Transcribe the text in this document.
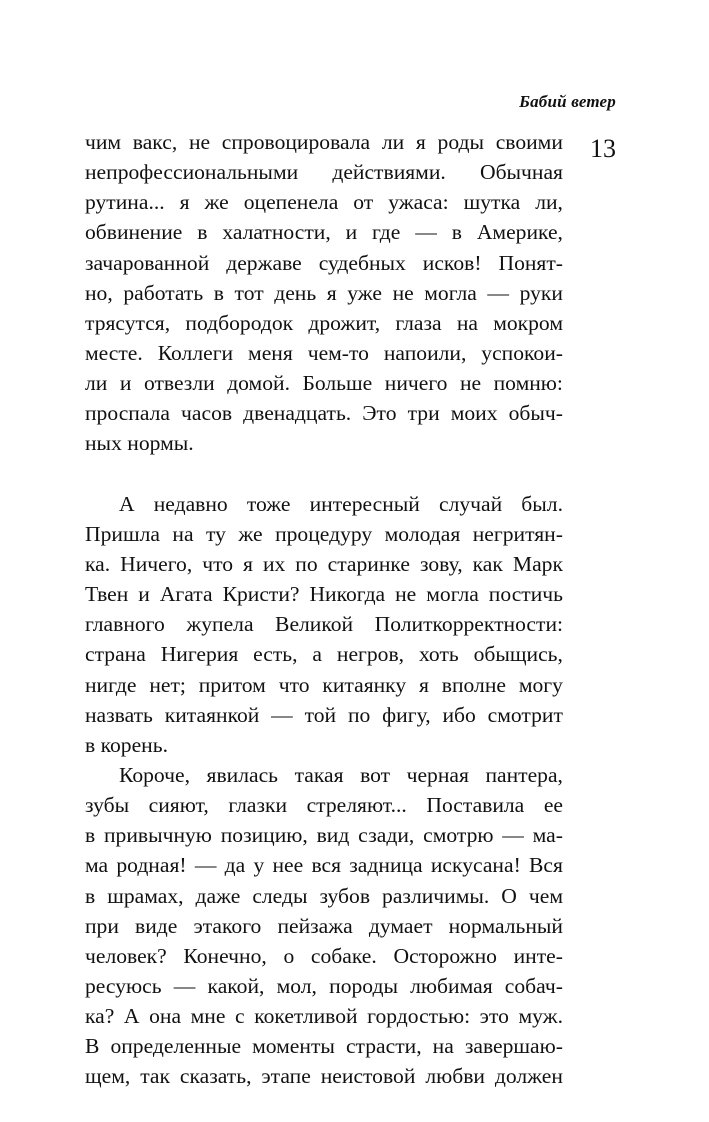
Бабий ветер
13
чим вакс, не спровоцировала ли я роды своими
непрофессиональными действиями. Обычная
рутина... я же оцепенела от ужаса: шутка ли,
обвинение в халатности, и где — в Америке,
зачарованной державе судебных исков! Понят-
но, работать в тот день я уже не могла — руки
трясутся, подбородок дрожит, глаза на мокром
месте. Коллеги меня чем-то напоили, успокои-
ли и отвезли домой. Больше ничего не помню:
проспала часов двенадцать. Это три моих обыч-
ных нормы.
А недавно тоже интересный случай был.
Пришла на ту же процедуру молодая негритян-
ка. Ничего, что я их по старинке зову, как Марк
Твен и Агата Кристи? Никогда не могла постичь
главного жупела Великой Политкорректности:
страна Нигерия есть, а негров, хоть обыщись,
нигде нет; притом что китаянку я вполне могу
назвать китаянкой — той по фигу, ибо смотрит
в корень.
Короче, явилась такая вот черная пантера,
зубы сияют, глазки стреляют... Поставила ее
в привычную позицию, вид сзади, смотрю — ма-
ма родная! — да у нее вся задница искусана! Вся
в шрамах, даже следы зубов различимы. О чем
при виде этакого пейзажа думает нормальный
человек? Конечно, о собаке. Осторожно инте-
ресуюсь — какой, мол, породы любимая собач-
ка? А она мне с кокетливой гордостью: это муж.
В определенные моменты страсти, на завершаю-
щем, так сказать, этапе неистовой любви должен
